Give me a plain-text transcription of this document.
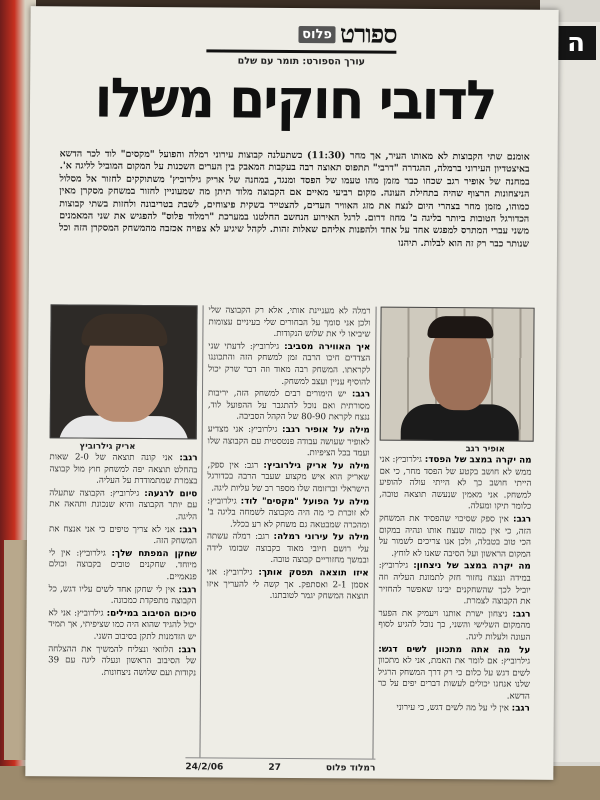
ה
ספורט
פלוס
עורך הספורט: תומר עם שלם
לדובי חוקים משלו
אומנם שתי הקבוצות לא מאותו העיר, אך מחר (11:30) כשתעלנה קבוצות עירוני רמלה והפועל "מקסים" לוד לכר הדשא באיצטדיון העירוני ברמלה, ההגדרה "דרבי" תתפוס תאוצה רבה בעקבות המאבק בין הערים השכנות על המקום המוביל לליגה א'. במחנה של אופיר רגב שכחו כבר מזמן מהו טעמו של הפסד ומנגד, במחנה של אריק גילרוביץ' משתוקקים לחזור אל מסלול הניצחונות הרצוף שהיה בתחילת העונה. מקום רביעי מאיים אם הקבוצה מלוד תיתן מה שמעוניין לחזור במשחק מסקרן מאין כמוהו, מזמן מחר בצהרי היום לנצח את מזג האוויר העדים, להצטייד בשקית פיצוחים, לשבת בטריבונה ולחזות בשתי קבוצות הכדורגל הטובות ביותר בליגה ב' מחוז דרום. לרגל האירוע הנחשב החלטנו במערכת "רמלוד פלוס" להפגיש את שני המאמנים משני עברי המתרס למפגש אחד על אחד ולהפנות אליהם שאלות זהות. לקהל שיגיע לא צפויה אכזבה מהמשחק המסקרן הזה וכל שנותר כבר רק זה הוא לבלות. תיהנו
אריק גילרוביץ	אופיר רגב

מה יקרה במצב של הפסד: גילרוביץ: אני ממש לא חושב בקטע של הפסד מחר, כי אם הייתי חושב כך לא הייתי עולה להופיע למשחק. אני מאמין שנעשה תוצאה טובה, כלומר תיקו ומעלה.

רגב: אין ספק שסיכוי שהפסיד את המשחק הזה, כי אין כמוה שנצח אותו ונהיה במקום הכי טוב בטבלה, ולכן אנו צריכים לשמור על המקום הראשון ועל הסיבה שאנו לא לוחץ.

מה יקרה במצב של ניצחון: גילרוביץ: במידה וננצח נחזור חזק לתמונת העליה וזה יוביל לכך שהשחקנים יבינו שאפשר להחזיר את הקבוצה לצמרת.

רגב: ניצחון ישרת אותנו ויעמיק את הפער מהמקום השלישי והשני, כך נוכל להגיע לסוף העונה ולעלות ליגה.

על מה אתה מתכוון לשים דגש: גילרוביץ: אם לומר את האמת, אני לא מתכוון לשים דגש על כלום כי רק דרך המשחק הרגיל שלנו אנחנו יכולים לעשות דברים יפים על כר הדשא.

רגב: אין לי על מה לשים דגש, כי עירוני

רמלה לא מעניינת אותי, אלא רק הקבוצה שלי ולכן אני סומך על הבחורים שלי בעיניים עצומות שיביאו לי את שלוש הנקודות.

איך האווירה מסביב: גילרוביץ: לדעתי שני הצדדים חיכו הרבה זמן למשחק הזה והתכוננו לקראתו. המשחק רבה מאוד וזה דבר שרק יכול להוסיף עניין ועצב למשחק.

רגב: יש הימורים רבים למשחק הזה, יריבות מסורתית ואם נוכל להתגבר על ההפועל לוד, ננצח לקראת 80-90 של הקהל הסביבה.

מילה על אופיר רגב: גילרוביץ: אני מצדיע לאופיר שעושה עבודה פנטסטית עם הקבוצה שלו ועמד בכל הציפיות.

מילה על אריק גילרוביץ: רגב: אין ספק, שאריק הוא איש מקצוע שעבר הרבה בכדורגל הישראלי וברזומה שלו מספר רב של עליות ליגה.

מילה על הפועל "מקסים" לוד: גילרוביץ: לא זוכרת כי מה היה מקבוצה לשמחה בליגה ב' ומהכרה שמבטאה גם משחק לא רע בכלל.

מילה על עירוני רמלה: רגב: רמלה עשתה עלי רושם חיובי מאוד כקבוצה שבזמו לידה ובמשך מחזוריים קבוצה טובה.

איזו תוצאה תפסק אותך: גילרוביץ: אני אסמן 2-1 ואסתפק. אך קשה לי להעריך איזו תוצאה המשחק יגמר לטובתנו.

רגב: אני קונה תוצאה של 2-0 שאות בהחלט תוצאה יפה למשחק חוץ מול קבוצה בצמרת שמתמודדת על העליה.

סיום לרגעה: גילרוביץ: הקבוצה שתעלה עם יותר הקבוצה והיא שנכונת ותהאה את הליגה.

רגב: אני לא צריך טיפים כי אני אנצח את המשחק הזה.

שחקן המפתח שלך: גילרוביץ: אין לי מיוחד. שחקנים טובים בקבוצה וכולם פנאמיים.

רגב: אין לי שחקן אחד לשים עליו דגש, כל הקבוצה מתפקדת כמכונה.

סיכום הסיבוב במילים: גילרוביץ: אני לא יכול להגיד שהוא היה כמו שציפיתי, אך תמיד יש הזדמנות לתקן בסיבוב השני.

רגב: הלוואי ונצליח להמשיך את ההצלחה של הסיבוב הראשון ונעלה ליגה עם 39 נקודות ועם שלושה ניצחונות.

רמלוד פלוס
27
24/2/06
